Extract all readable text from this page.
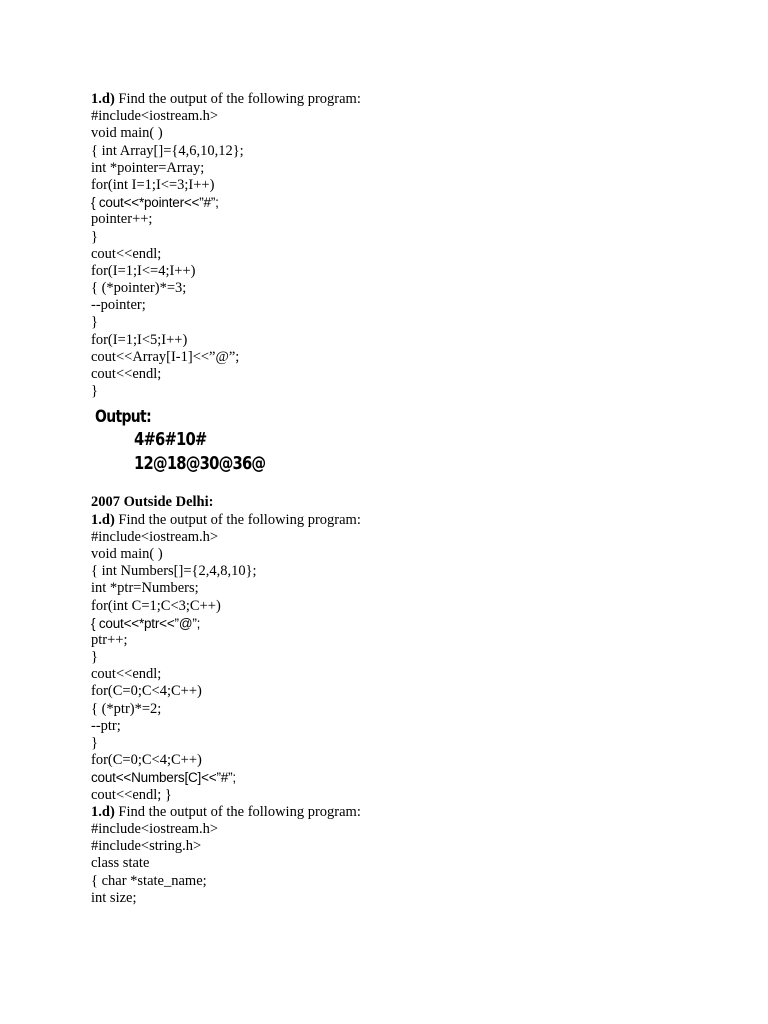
1.d) Find the output of the following program:
#include<iostream.h>
void main( )
{ int Array[]={4,6,10,12};
int *pointer=Array;
for(int I=1;I<=3;I++)
{ cout<<*pointer<<”#”;
pointer++;
}
cout<<endl;
for(I=1;I<=4;I++)
{ (*pointer)*=3;
--pointer;
}
for(I=1;I<5;I++)
cout<<Array[I-1]<<”@”;
cout<<endl;
}
Output:
4#6#10#
12@18@30@36@
2007 Outside Delhi:
1.d) Find the output of the following program:
#include<iostream.h>
void main( )
{ int Numbers[]={2,4,8,10};
int *ptr=Numbers;
for(int C=1;C<3;C++)
{ cout<<*ptr<<”@”;
ptr++;
}
cout<<endl;
for(C=0;C<4;C++)
{ (*ptr)*=2;
--ptr;
}
for(C=0;C<4;C++)
cout<<Numbers[C]<<”#”;
cout<<endl; }
1.d) Find the output of the following program:
#include<iostream.h>
#include<string.h>
class state
{ char *state_name;
int size;
